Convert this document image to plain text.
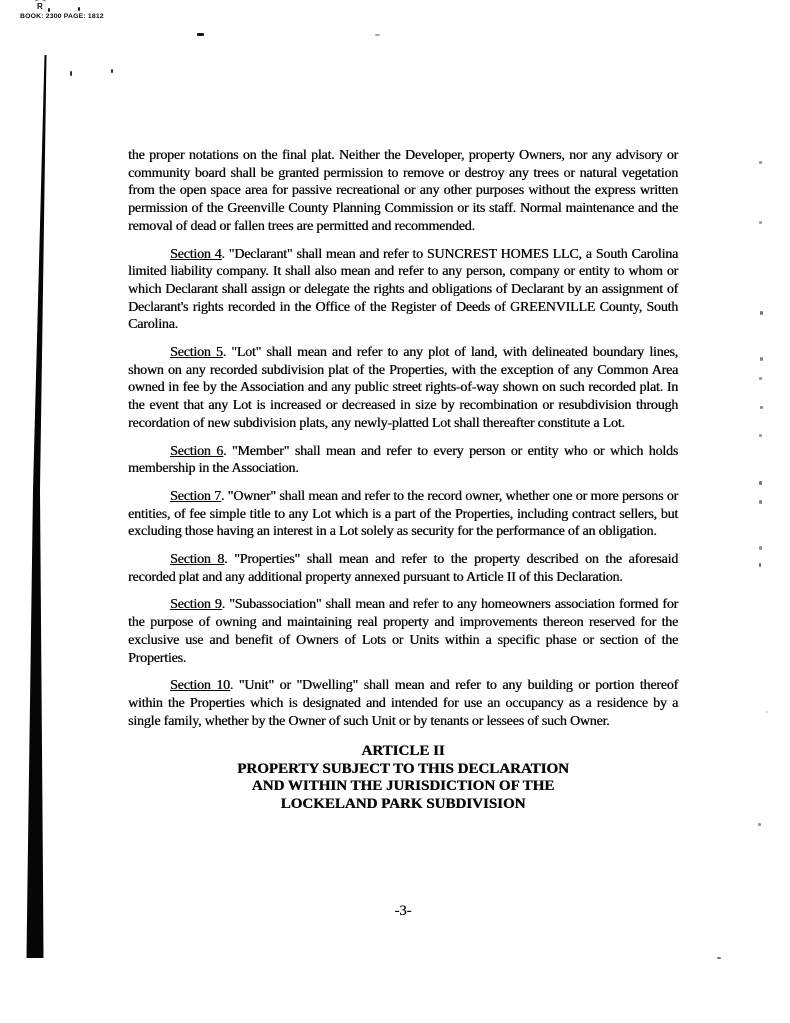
R
BOOK: 2300 PAGE: 1812

the proper notations on the final plat. Neither the Developer, property Owners, nor any advisory or community board shall be granted permission to remove or destroy any trees or natural vegetation from the open space area for passive recreational or any other purposes without the express written permission of the Greenville County Planning Commission or its staff. Normal maintenance and the removal of dead or fallen trees are permitted and recommended.

Section 4. "Declarant" shall mean and refer to SUNCREST HOMES LLC, a South Carolina limited liability company. It shall also mean and refer to any person, company or entity to whom or which Declarant shall assign or delegate the rights and obligations of Declarant by an assignment of Declarant's rights recorded in the Office of the Register of Deeds of GREENVILLE County, South Carolina.

Section 5. "Lot" shall mean and refer to any plot of land, with delineated boundary lines, shown on any recorded subdivision plat of the Properties, with the exception of any Common Area owned in fee by the Association and any public street rights-of-way shown on such recorded plat. In the event that any Lot is increased or decreased in size by recombination or resubdivision through recordation of new subdivision plats, any newly-platted Lot shall thereafter constitute a Lot.

Section 6. "Member" shall mean and refer to every person or entity who or which holds membership in the Association.

Section 7. "Owner" shall mean and refer to the record owner, whether one or more persons or entities, of fee simple title to any Lot which is a part of the Properties, including contract sellers, but excluding those having an interest in a Lot solely as security for the performance of an obligation.

Section 8. "Properties" shall mean and refer to the property described on the aforesaid recorded plat and any additional property annexed pursuant to Article II of this Declaration.

Section 9. "Subassociation" shall mean and refer to any homeowners association formed for the purpose of owning and maintaining real property and improvements thereon reserved for the exclusive use and benefit of Owners of Lots or Units within a specific phase or section of the Properties.

Section 10. "Unit" or "Dwelling" shall mean and refer to any building or portion thereof within the Properties which is designated and intended for use an occupancy as a residence by a single family, whether by the Owner of such Unit or by tenants or lessees of such Owner.

ARTICLE II
PROPERTY SUBJECT TO THIS DECLARATION
AND WITHIN THE JURISDICTION OF THE
LOCKELAND PARK SUBDIVISION
-3-
